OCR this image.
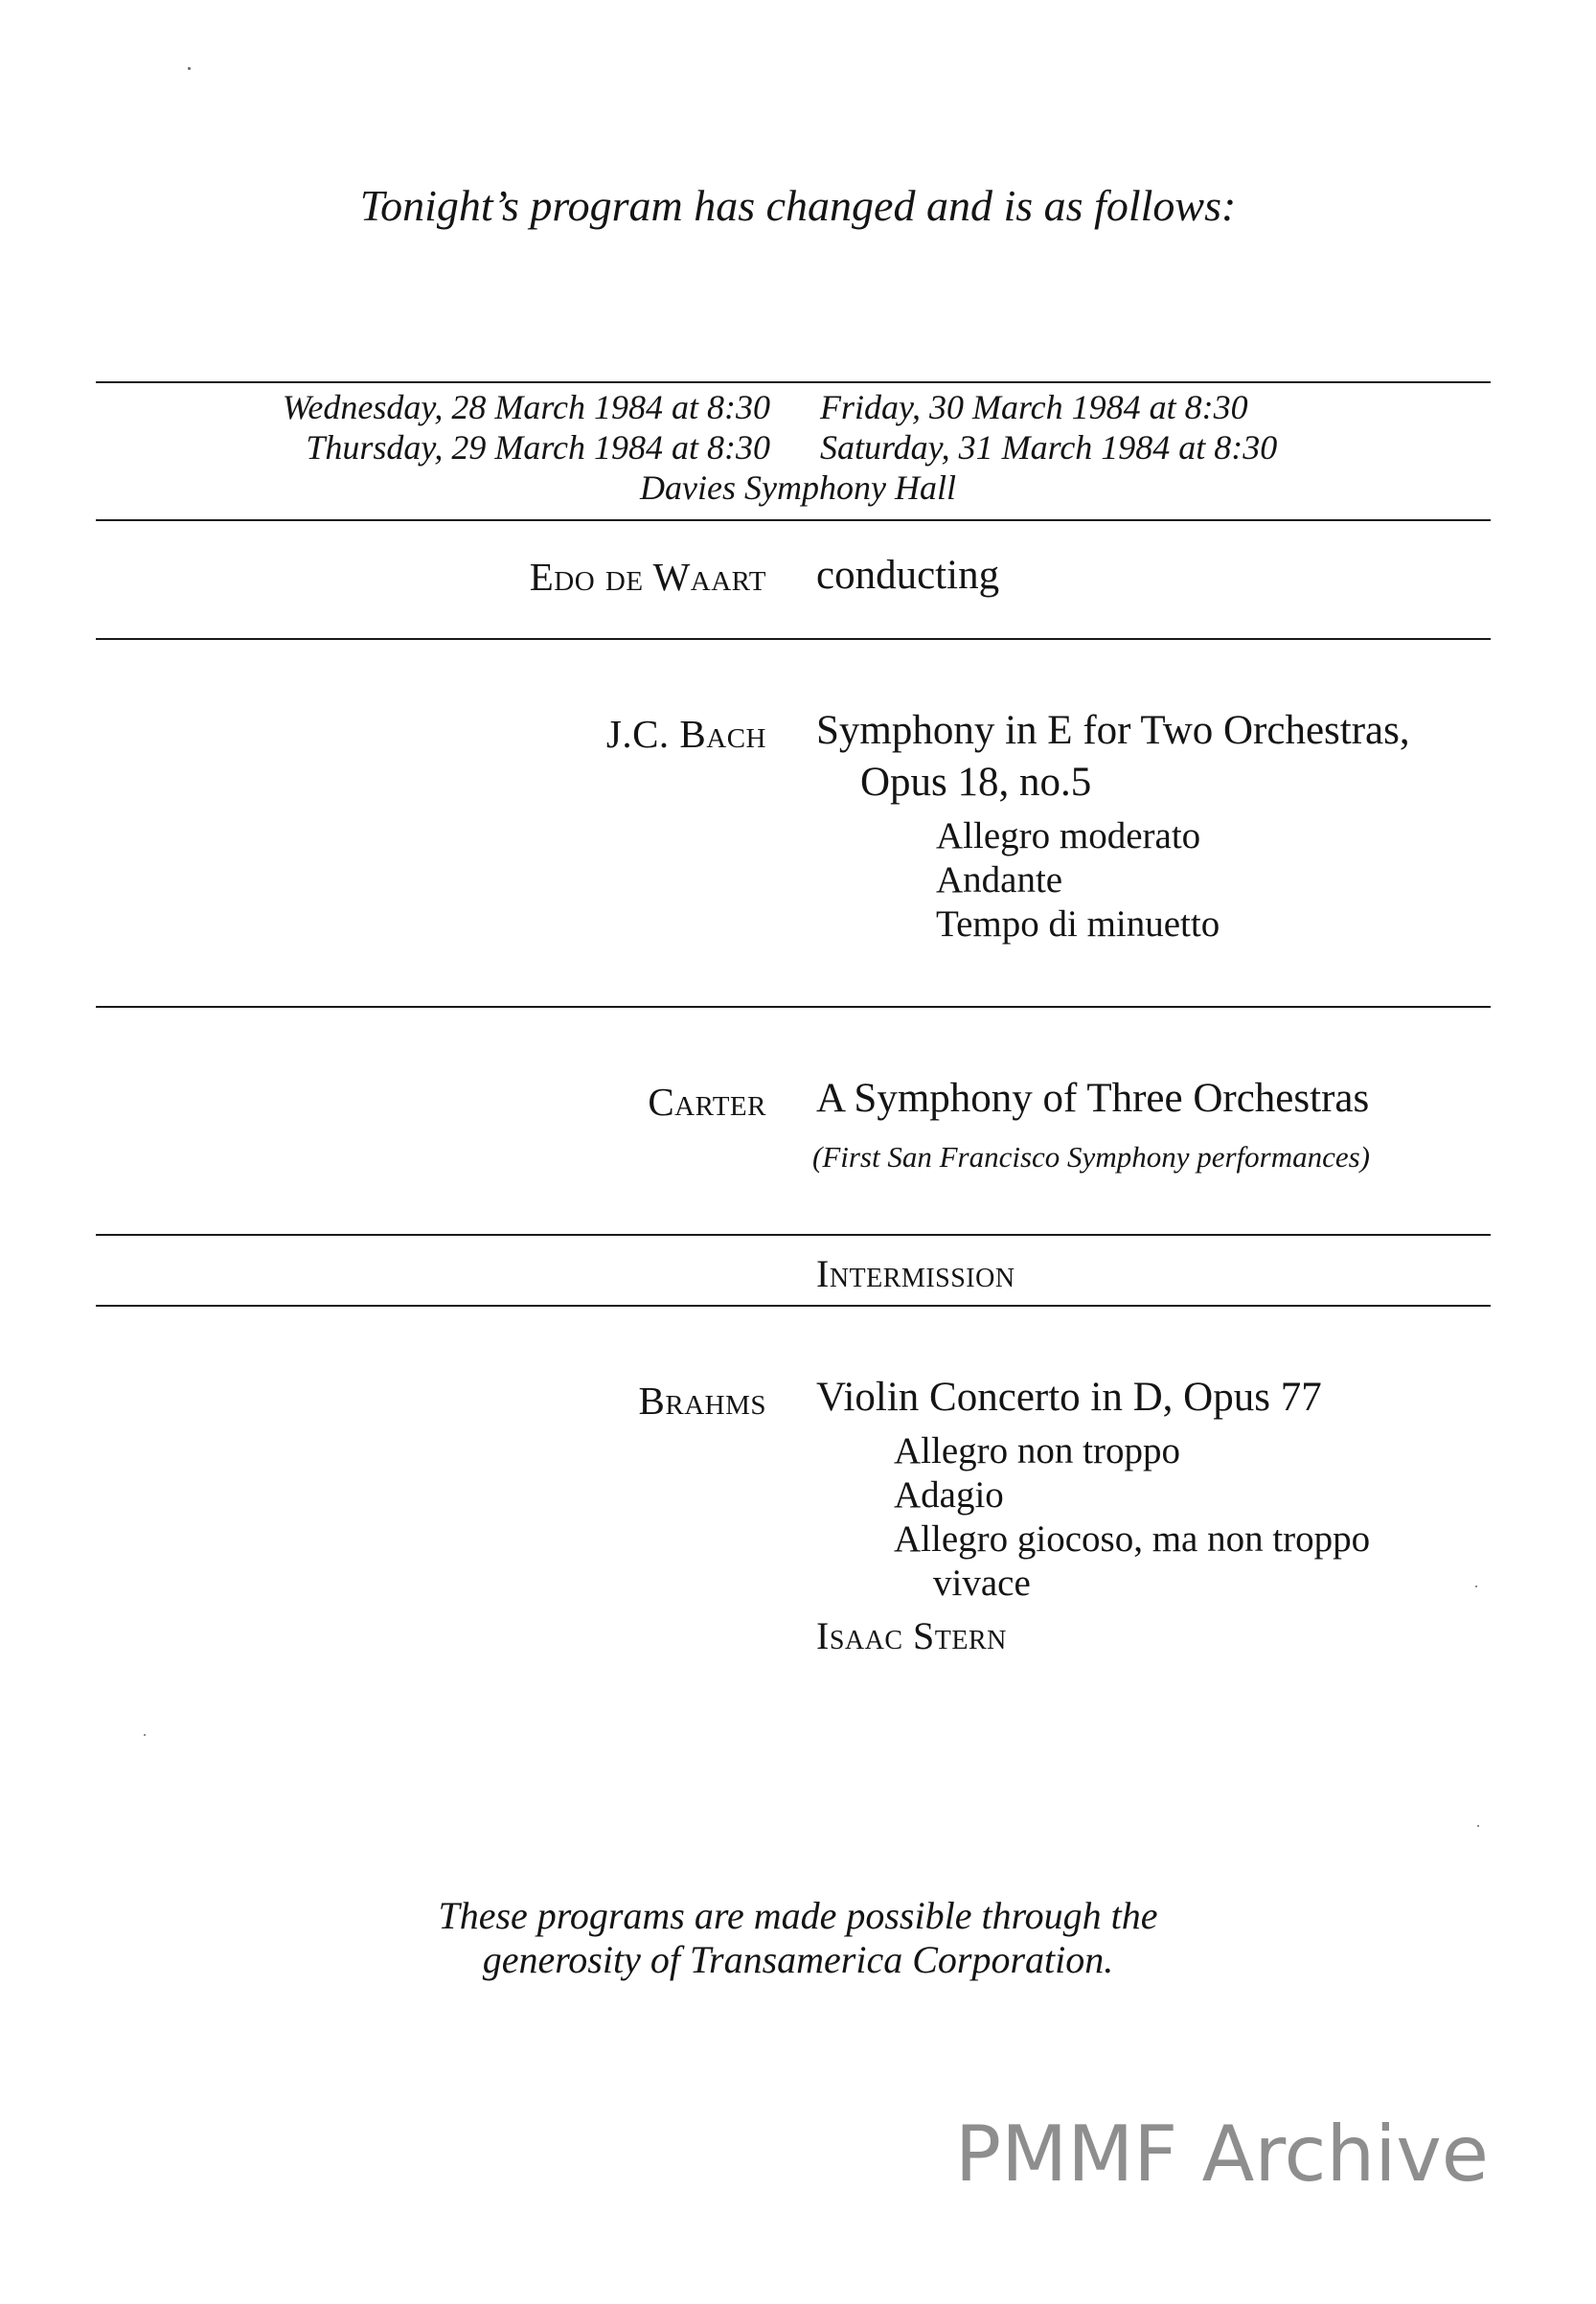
Tonight’s program has changed and is as follows:
Wednesday, 28 March 1984 at 8:30 Friday, 30 March 1984 at 8:30
Thursday, 29 March 1984 at 8:30 Saturday, 31 March 1984 at 8:30
Davies Symphony Hall
Edo de Waart conducting
J.C. Bach Symphony in E for Two Orchestras,
Opus 18, no.5
Allegro moderato
Andante
Tempo di minuetto
Carter A Symphony of Three Orchestras
(First San Francisco Symphony performances)
Intermission
Brahms Violin Concerto in D, Opus 77
Allegro non troppo
Adagio
Allegro giocoso, ma non troppo
vivace
Isaac Stern
These programs are made possible through the
generosity of Transamerica Corporation.
PMMF Archive
